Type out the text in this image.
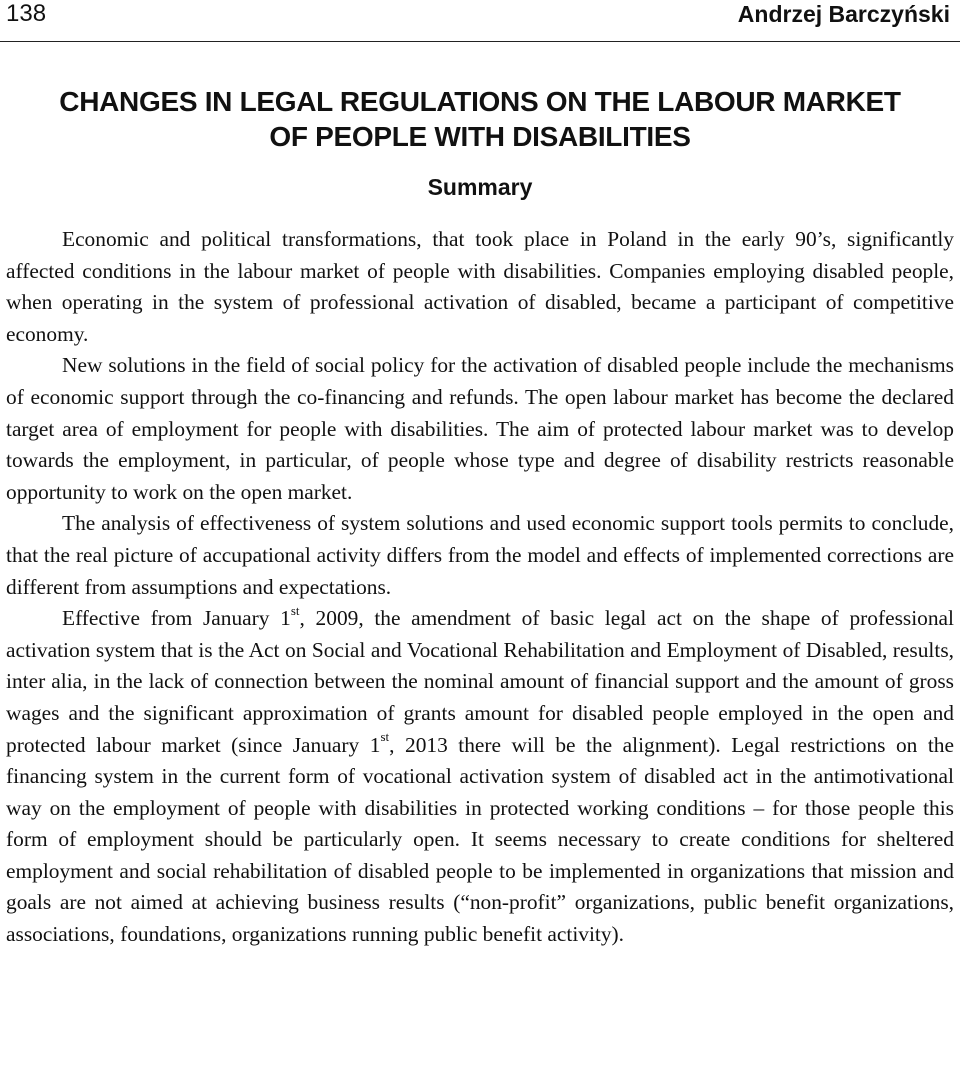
138	Andrzej Barczyński
CHANGES IN LEGAL REGULATIONS ON THE LABOUR MARKET
OF PEOPLE WITH DISABILITIES
Summary

Economic and political transformations, that took place in Poland in the early 90’s, significantly affected conditions in the labour market of people with disabilities. Companies employing disabled people, when operating in the system of professional activation of disabled, became a participant of competitive economy.

New solutions in the field of social policy for the activation of disabled people include the mechanisms of economic support through the co-financing and refunds. The open labour market has become the declared target area of employment for people with disabilities. The aim of protected labour market was to develop towards the employment, in particular, of people whose type and degree of disability restricts reasonable opportunity to work on the open market.

The analysis of effectiveness of system solutions and used economic support tools permits to conclude, that the real picture of accupational activity differs from the model and effects of implemented corrections are different from assumptions and expectations.

Effective from January 1st, 2009, the amendment of basic legal act on the shape of professional activation system that is the Act on Social and Vocational Rehabilitation and Employment of Disabled, results, inter alia, in the lack of connection between the nominal amount of financial support and the amount of gross wages and the significant approximation of grants amount for disabled people employed in the open and protected labour market (since January 1st, 2013 there will be the alignment). Legal restrictions on the financing system in the current form of vocational activation system of disabled act in the antimotivational way on the employment of people with disabilities in protected working conditions – for those people this form of employment should be particularly open. It seems necessary to create conditions for sheltered employment and social rehabilitation of disabled people to be implemented in organizations that mission and goals are not aimed at achieving business results (“non-profit” organizations, public benefit organizations, associations, foundations, organizations running public benefit activity).
